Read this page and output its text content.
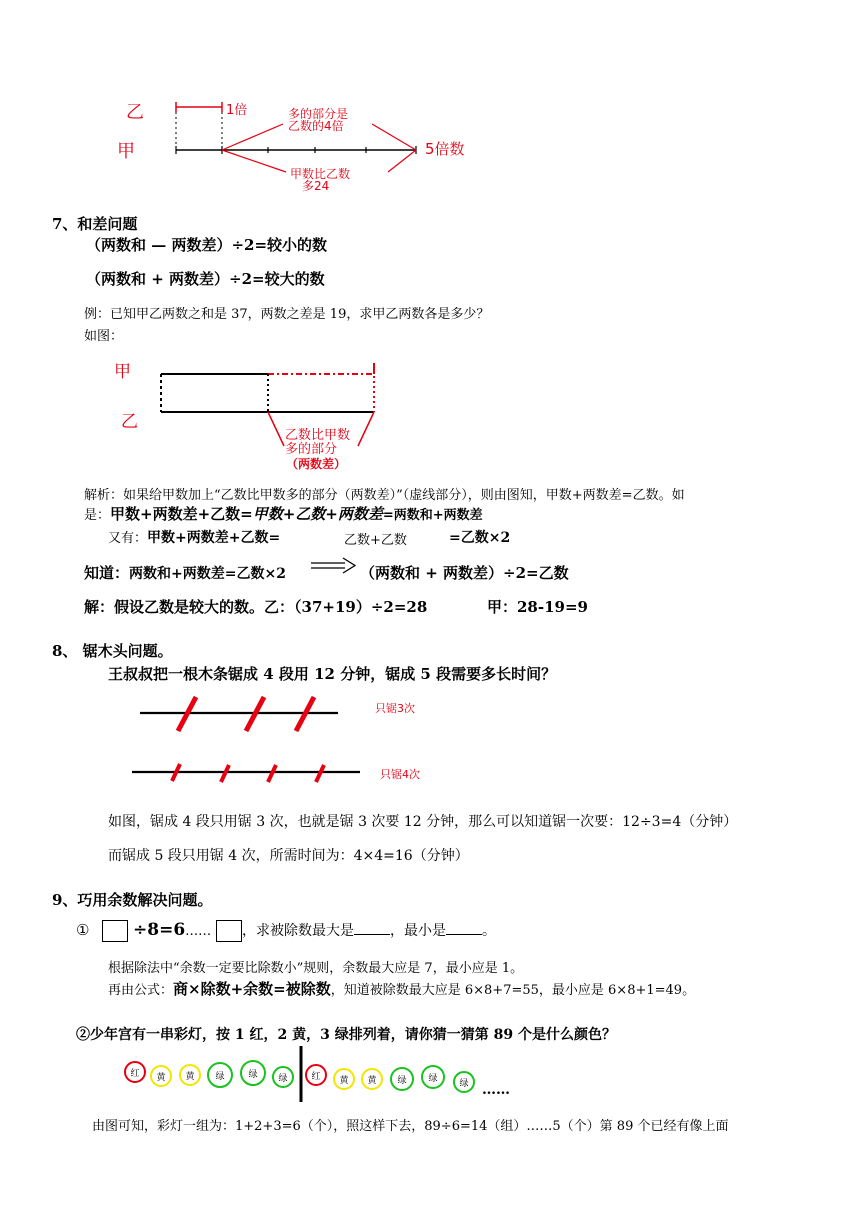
乙
甲
1倍
5倍数
多的部分是
乙数的4倍
甲数比乙数
多24
7、和差问题
（两数和 — 两数差）÷2=较小的数
（两数和 + 两数差）÷2=较大的数
例：已知甲乙两数之和是 37，两数之差是 19，求甲乙两数各是多少？
如图：
甲
乙
乙数比甲数
多的部分
（两数差）
解析：如果给甲数加上“乙数比甲数多的部分（两数差）”（虚线部分），则由图知，甲数+两数差=乙数。如
是：甲数+两数差+乙数=甲数+乙数+两数差=两数和+两数差
又有：甲数+两数差+乙数=	乙数+乙数	=乙数×2
知道：两数和+两数差=乙数×2	（两数和 + 两数差）÷2=乙数
解：假设乙数是较大的数。乙：（37+19）÷2=28	甲：28-19=9
8、 锯木头问题。
王叔叔把一根木条锯成 4 段用 12 分钟，锯成 5 段需要多长时间？
只锯3次
只锯4次
如图，锯成 4 段只用锯 3 次，也就是锯 3 次要 12 分钟，那么可以知道锯一次要：12÷3=4（分钟）
而锯成 5 段只用锯 4 次，所需时间为：4×4=16（分钟）
9、巧用余数解决问题。
①	÷8=6…… ，求被除数最大是	，最小是	。
根据除法中“余数一定要比除数小”规则，余数最大应是 7，最小应是 1。
再由公式：商×除数+余数=被除数，知道被除数最大应是 6×8+7=55，最小应是 6×8+1=49。
②少年宫有一串彩灯，按 1 红，2 黄，3 绿排列着，请你猜一猜第 89 个是什么颜色？
红	黄	黄	绿	绿	绿	红	黄	黄	绿	绿	绿 ……
由图可知，彩灯一组为：1+2+3=6（个），照这样下去，89÷6=14（组）……5（个）第 89 个已经有像上面
